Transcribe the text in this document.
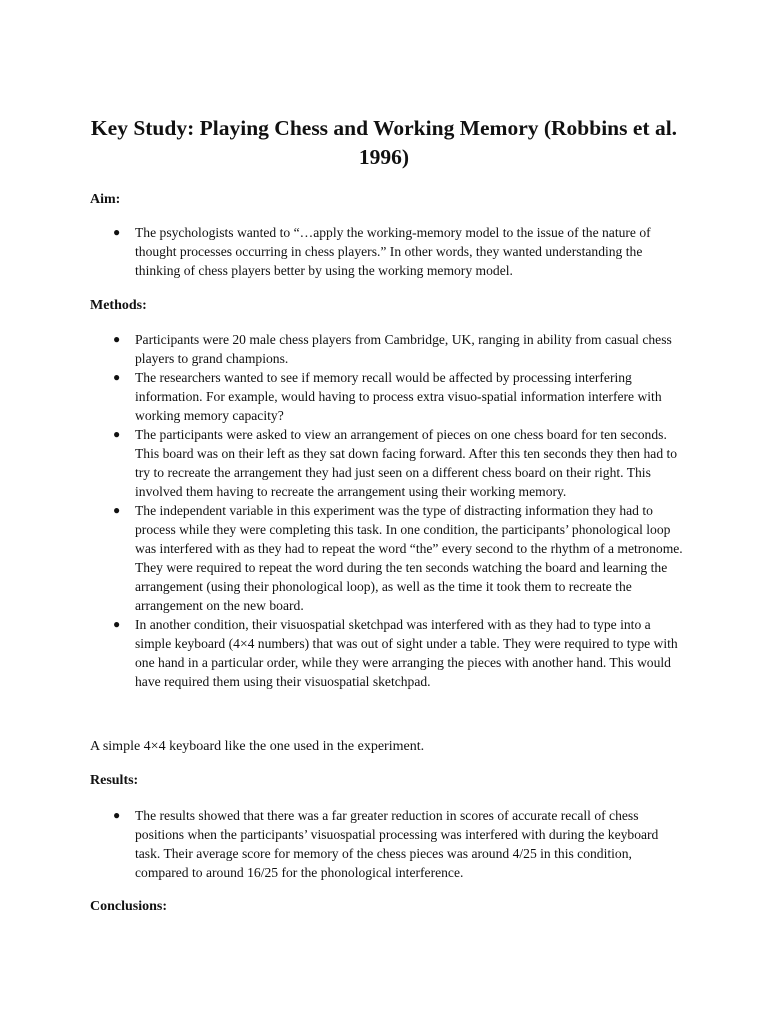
Key Study: Playing Chess and Working Memory (Robbins et al. 1996)

Aim:

● The psychologists wanted to “…apply the working-memory model to the issue of the nature of thought processes occurring in chess players.” In other words, they wanted understanding the thinking of chess players better by using the working memory model.

Methods:

● Participants were 20 male chess players from Cambridge, UK, ranging in ability from casual chess players to grand champions.
● The researchers wanted to see if memory recall would be affected by processing interfering information. For example, would having to process extra visuo-spatial information interfere with working memory capacity?
● The participants were asked to view an arrangement of pieces on one chess board for ten seconds. This board was on their left as they sat down facing forward. After this ten seconds they then had to try to recreate the arrangement they had just seen on a different chess board on their right. This involved them having to recreate the arrangement using their working memory.
● The independent variable in this experiment was the type of distracting information they had to process while they were completing this task. In one condition, the participants’ phonological loop was interfered with as they had to repeat the word “the” every second to the rhythm of a metronome. They were required to repeat the word during the ten seconds watching the board and learning the arrangement (using their phonological loop), as well as the time it took them to recreate the arrangement on the new board.
● In another condition, their visuospatial sketchpad was interfered with as they had to type into a simple keyboard (4×4 numbers) that was out of sight under a table. They were required to type with one hand in a particular order, while they were arranging the pieces with another hand. This would have required them using their visuospatial sketchpad.

A simple 4×4 keyboard like the one used in the experiment.

Results:

● The results showed that there was a far greater reduction in scores of accurate recall of chess positions when the participants’ visuospatial processing was interfered with during the keyboard task. Their average score for memory of the chess pieces was around 4/25 in this condition, compared to around 16/25 for the phonological interference.

Conclusions:
